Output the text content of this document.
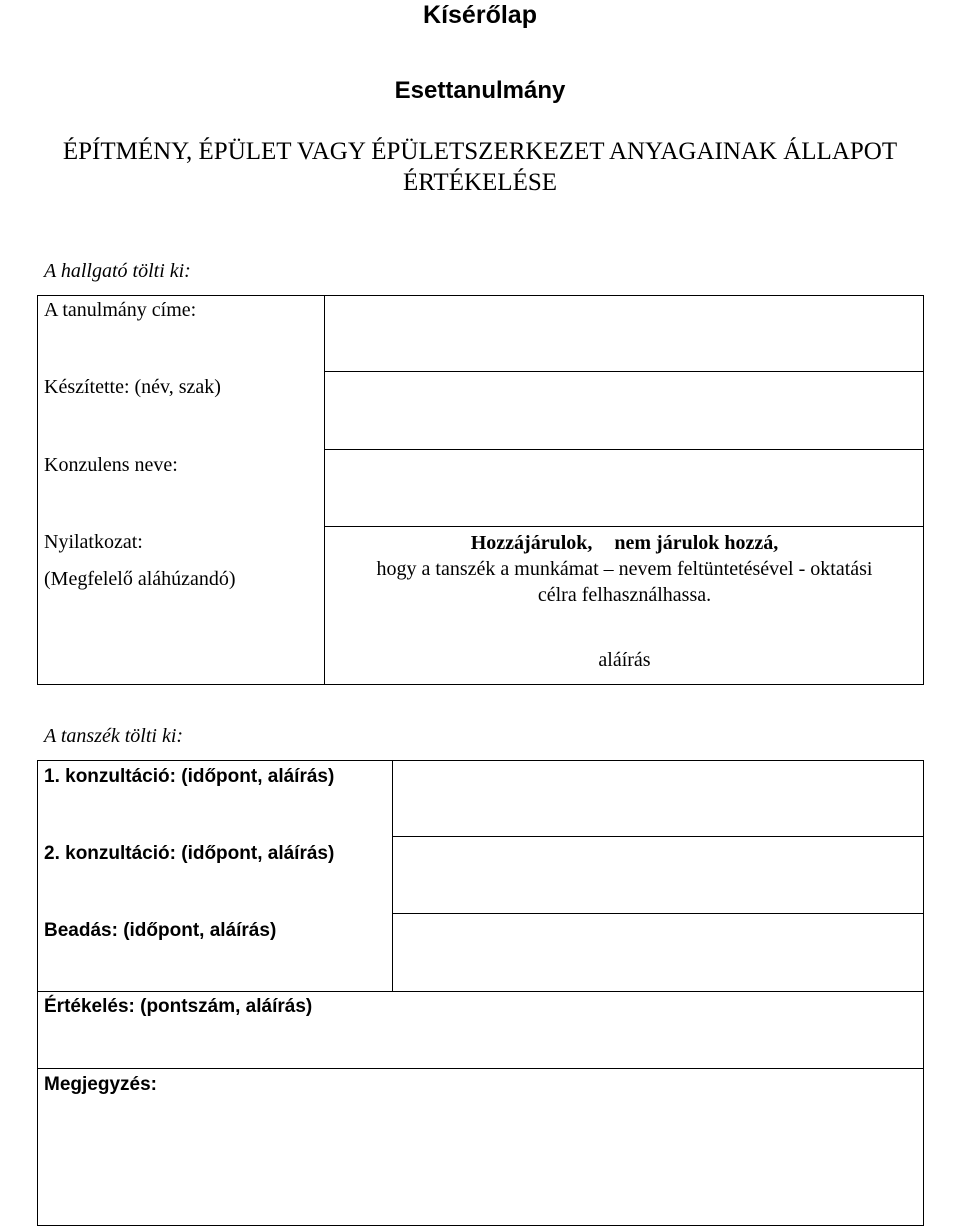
Kísérőlap
Esettanulmány
ÉPÍTMÉNY, ÉPÜLET VAGY ÉPÜLETSZERKEZET ANYAGAINAK ÁLLAPOT
ÉRTÉKELÉSE
A hallgató tölti ki:
A tanulmány címe:
Készítette: (név, szak)
Konzulens neve:
Nyilatkozat:
(Megfelelő aláhúzandó)
Hozzájárulok, nem járulok hozzá,
hogy a tanszék a munkámat – nevem feltüntetésével - oktatási
célra felhasználhassa.
aláírás
A tanszék tölti ki:
1. konzultáció: (időpont, aláírás)
2. konzultáció: (időpont, aláírás)
Beadás: (időpont, aláírás)
Értékelés: (pontszám, aláírás)
Megjegyzés:
